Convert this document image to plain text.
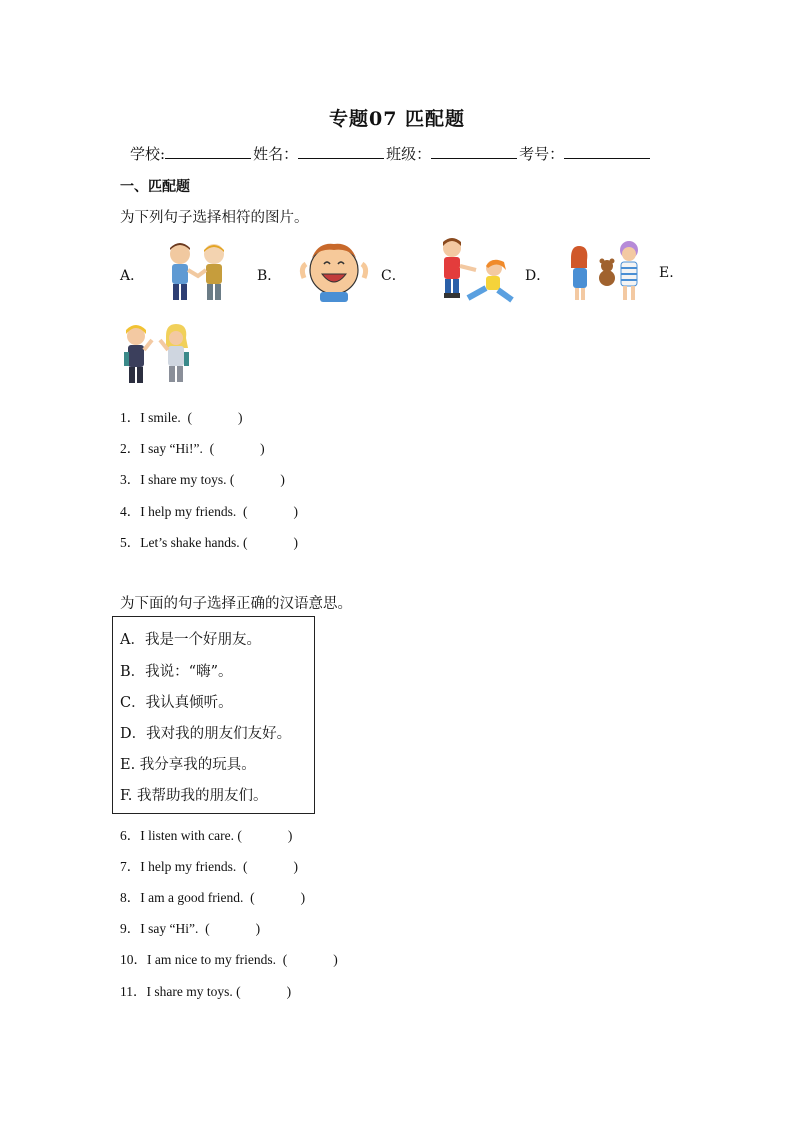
专题07 匹配题
学校:	姓名：	班级：	考号：
一、匹配题
为下列句子选择相符的图片。
A．	B．	C．	D．	E.
1．I smile. (	)
2．I say “Hi!”. (	)
3．I share my toys. (	)
4．I help my friends. (	)
5．Let’s shake hands. (	)
为下面的句子选择正确的汉语意思。
A．我是一个好朋友。
B．我说：“嗨”。
C．我认真倾听。
D．我对我的朋友们友好。
E. 我分享我的玩具。
F. 我帮助我的朋友们。
6．I listen with care. (	)
7．I help my friends. (	)
8．I am a good friend. (	)
9．I say “Hi”. (	)
10．I am nice to my friends. (	)
11．I share my toys. (	)
